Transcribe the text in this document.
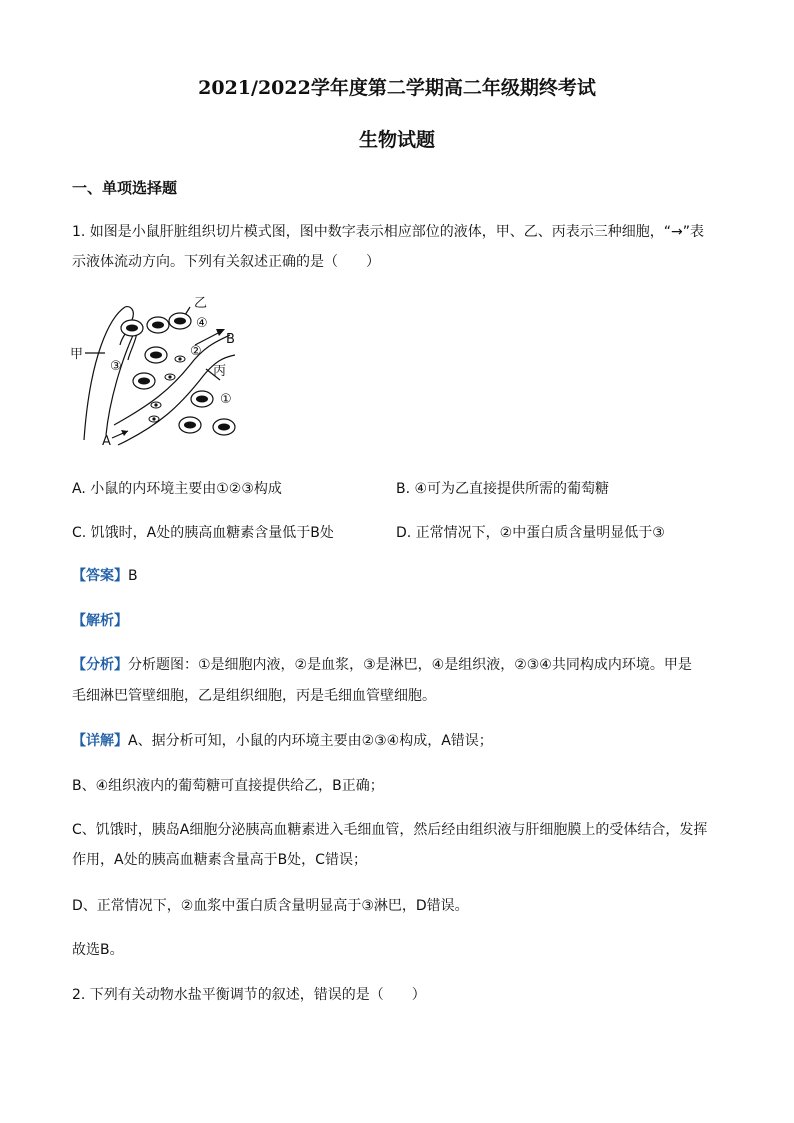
2021/2022学年度第二学期高二年级期终考试
生物试题
一、单项选择题
1. 如图是小鼠肝脏组织切片模式图，图中数字表示相应部位的液体，甲、乙、丙表示三种细胞，“→”表
示液体流动方向。下列有关叙述正确的是（　　）
乙
④
B
②
甲
丙
③
①
A
A. 小鼠的内环境主要由①②③构成	B. ④可为乙直接提供所需的葡萄糖
C. 饥饿时，A处的胰高血糖素含量低于B处	D. 正常情况下，②中蛋白质含量明显低于③
【答案】B
【解析】
【分析】分析题图：①是细胞内液，②是血浆，③是淋巴，④是组织液，②③④共同构成内环境。甲是
毛细淋巴管壁细胞，乙是组织细胞，丙是毛细血管壁细胞。
【详解】A、据分析可知，小鼠的内环境主要由②③④构成，A错误；
B、④组织液内的葡萄糖可直接提供给乙，B正确；
C、饥饿时，胰岛A细胞分泌胰高血糖素进入毛细血管，然后经由组织液与肝细胞膜上的受体结合，发挥
作用，A处的胰高血糖素含量高于B处，C错误；
D、正常情况下，②血浆中蛋白质含量明显高于③淋巴，D错误。
故选B。
2. 下列有关动物水盐平衡调节的叙述，错误的是（　　）
